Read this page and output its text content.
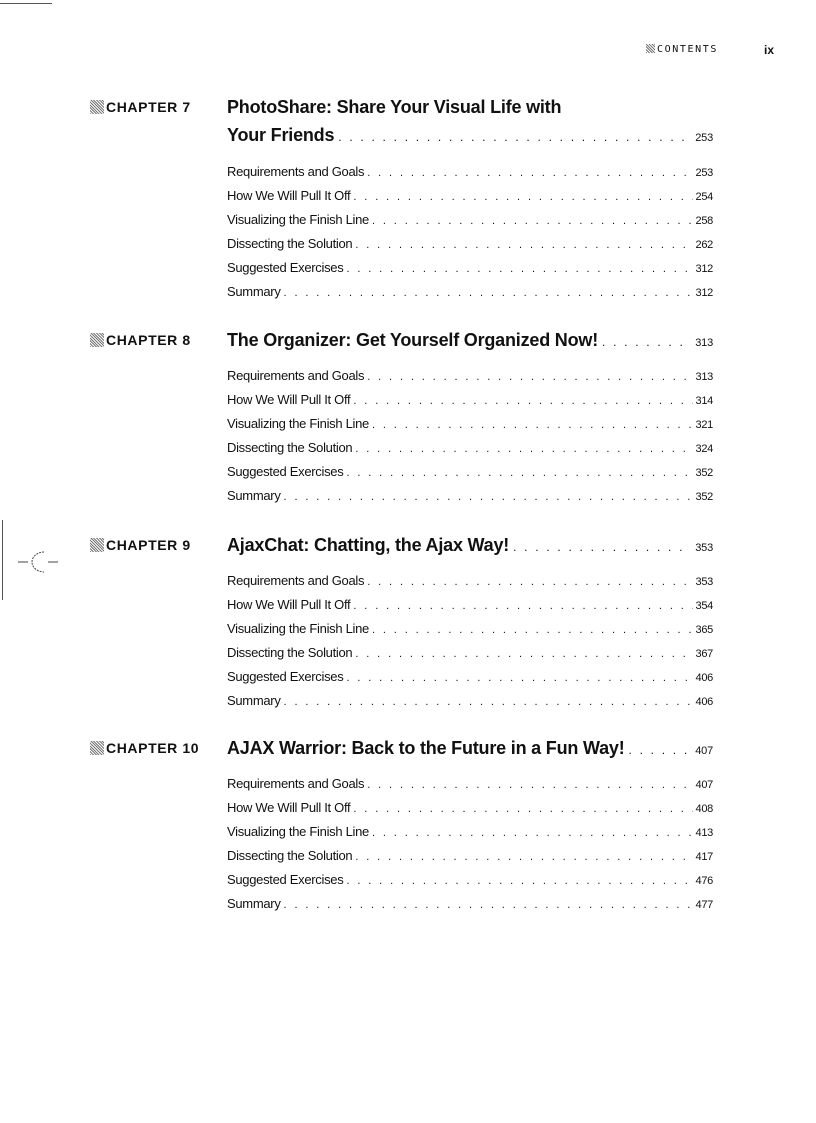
CONTENTS	ix
CHAPTER 7 PhotoShare: Share Your Visual Life with
Your Friends . . .	253
Requirements and Goals . . .	253
How We Will Pull It Off . . .	254
Visualizing the Finish Line . . .	258
Dissecting the Solution . . .	262
Suggested Exercises . . .	312
Summary . . .	312
CHAPTER 8 The Organizer: Get Yourself Organized Now! . . .	313
Requirements and Goals . . .	313
How We Will Pull It Off . . .	314
Visualizing the Finish Line . . .	321
Dissecting the Solution . . .	324
Suggested Exercises . . .	352
Summary . . .	352
CHAPTER 9 AjaxChat: Chatting, the Ajax Way! . . .	353
Requirements and Goals . . .	353
How We Will Pull It Off . . .	354
Visualizing the Finish Line . . .	365
Dissecting the Solution . . .	367
Suggested Exercises . . .	406
Summary . . .	406
CHAPTER 10 AJAX Warrior: Back to the Future in a Fun Way! . . .	407
Requirements and Goals . . .	407
How We Will Pull It Off . . .	408
Visualizing the Finish Line . . .	413
Dissecting the Solution . . .	417
Suggested Exercises . . .	476
Summary . . .	477
